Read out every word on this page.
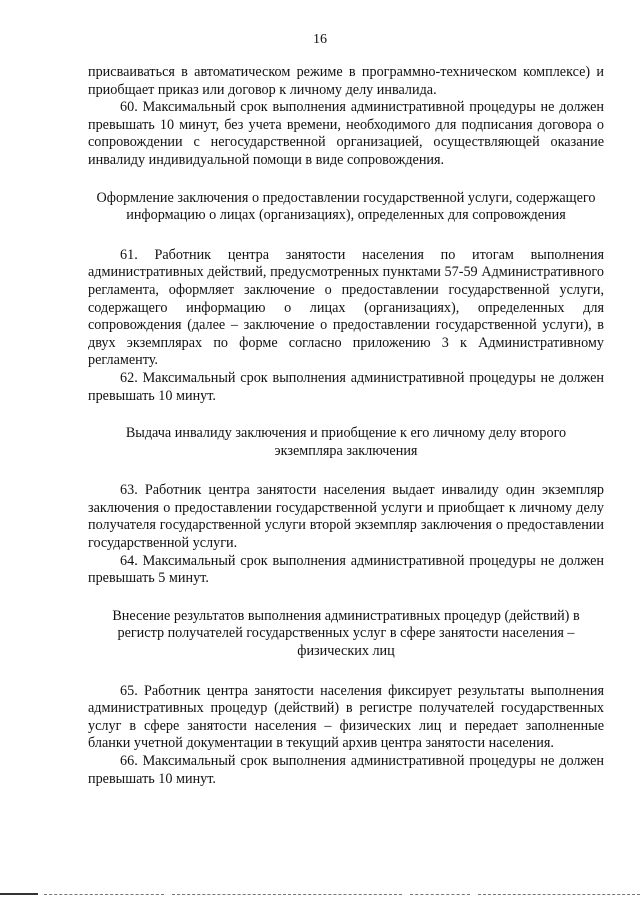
16

присваиваться в автоматическом режиме в программно-техническом комплексе) и приобщает приказ или договор к личному делу инвалида.

60. Максимальный срок выполнения административной процедуры не должен превышать 10 минут, без учета времени, необходимого для подписания договора о сопровождении с негосударственной организацией, осуществляющей оказание инвалиду индивидуальной помощи в виде сопровождения.

Оформление заключения о предоставлении государственной услуги, содержащего информацию о лицах (организациях), определенных для сопровождения

61. Работник центра занятости населения по итогам выполнения административных действий, предусмотренных пунктами 57-59 Административного регламента, оформляет заключение о предоставлении государственной услуги, содержащего информацию о лицах (организациях), определенных для сопровождения (далее – заключение о предоставлении государственной услуги), в двух экземплярах по форме согласно приложению 3 к Административному регламенту.

62. Максимальный срок выполнения административной процедуры не должен превышать 10 минут.

Выдача инвалиду заключения и приобщение к его личному делу второго экземпляра заключения

63. Работник центра занятости населения выдает инвалиду один экземпляр заключения о предоставлении государственной услуги и приобщает к личному делу получателя государственной услуги второй экземпляр заключения о предоставлении государственной услуги.

64. Максимальный срок выполнения административной процедуры не должен превышать 5 минут.

Внесение результатов выполнения административных процедур (действий) в регистр получателей государственных услуг в сфере занятости населения – физических лиц

65. Работник центра занятости населения фиксирует результаты выполнения административных процедур (действий) в регистре получателей государственных услуг в сфере занятости населения – физических лиц и передает заполненные бланки учетной документации в текущий архив центра занятости населения.

66. Максимальный срок выполнения административной процедуры не должен превышать 10 минут.
